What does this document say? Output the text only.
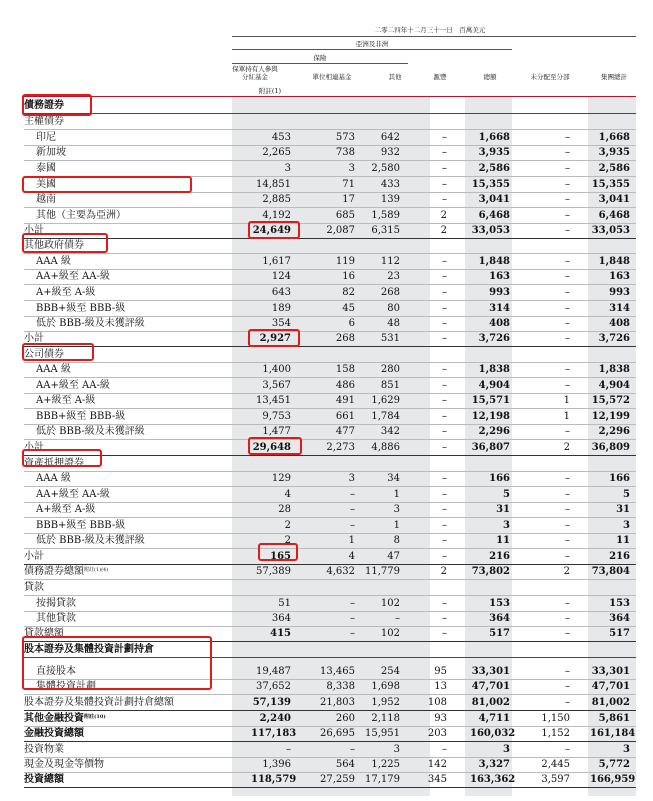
二零二四年十二月三十一日　百萬美元
亞洲及非洲
保險
保單持有人參與分紅基金
附註(1)
單位相連基金	其他	滙豐	總額	未分配至分部	集團總計
債務證券
主權債券
印尼	453	573	642	–	1,668	–	1,668
新加坡	2,265	738	932	–	3,935	–	3,935
泰國	3	3	2,580	–	2,586	–	2,586
美國	14,851	71	433	– 15,355	– 15,355
越南	2,885	17	139	–	3,041	–	3,041
其他（主要為亞洲）	4,192	685	1,589	2	6,468	–	6,468
小計	24,649	2,087	6,315	2 33,053	– 33,053
其他政府債券
AAA 級	1,617	119	112	–	1,848	–	1,848
AA+級至 AA-級	124	16	23	–	163	–	163
A+級至 A-級	643	82	268	–	993	–	993
BBB+級至 BBB-級	189	45	80	–	314	–	314
低於 BBB-級及未獲評級	354	6	48	–	408	–	408
小計	2,927	268	531	–	3,726	–	3,726
公司債券
AAA 級	1,400	158	280	–	1,838	–	1,838
AA+級至 AA-級	3,567	486	851	–	4,904	–	4,904
A+級至 A-級	13,451	491	1,629	– 15,571	1 15,572
BBB+級至 BBB-級	9,753	661	1,784	– 12,198	1 12,199
低於 BBB-級及未獲評級	1,477	477	342	–	2,296	–	2,296
小計	29,648	2,273	4,886	– 36,807	2 36,809
資產抵押證券
AAA 級	129	3	34	–	166	–	166
AA+級至 AA-級	4	–	1	–	5	–	5
A+級至 A-級	28	–	3	–	31	–	31
BBB+級至 BBB-級	2	–	1	–	3	–	3
低於 BBB-級及未獲評級	2	1	8	–	11	–	11
小計	165	4	47	–	216	–	216
債務證券總額$^{附註(1)(4)}$	57,389	4,632	11,779	2 73,802	2 73,804
貸款
按揭貸款	51	–	102	–	153	–	153
其他貸款	364	–	–	–	364	–	364
貸款總額	415	–	102	–	517	–	517
股本證券及集體投資計劃持倉
直接股本	19,487	13,465	254	95 33,301	– 33,301
集體投資計劃	37,652	8,338	1,698	13 47,701	– 47,701
股本證券及集體投資計劃持倉總額	57,139	21,803	1,952	108 81,002	– 81,002
其他金融投資$^{附註(10)}$	2,240	260	2,118	93	4,711	1,150	5,861
金融投資總額	117,183	26,695	15,951	203 160,032	1,152 161,184
投資物業	–	–	3	–	3	–	3
現金及現金等價物	1,396	564	1,225	142	3,327	2,445	5,772
投資總額	118,579	27,259	17,179	345 163,362	3,597 166,959
